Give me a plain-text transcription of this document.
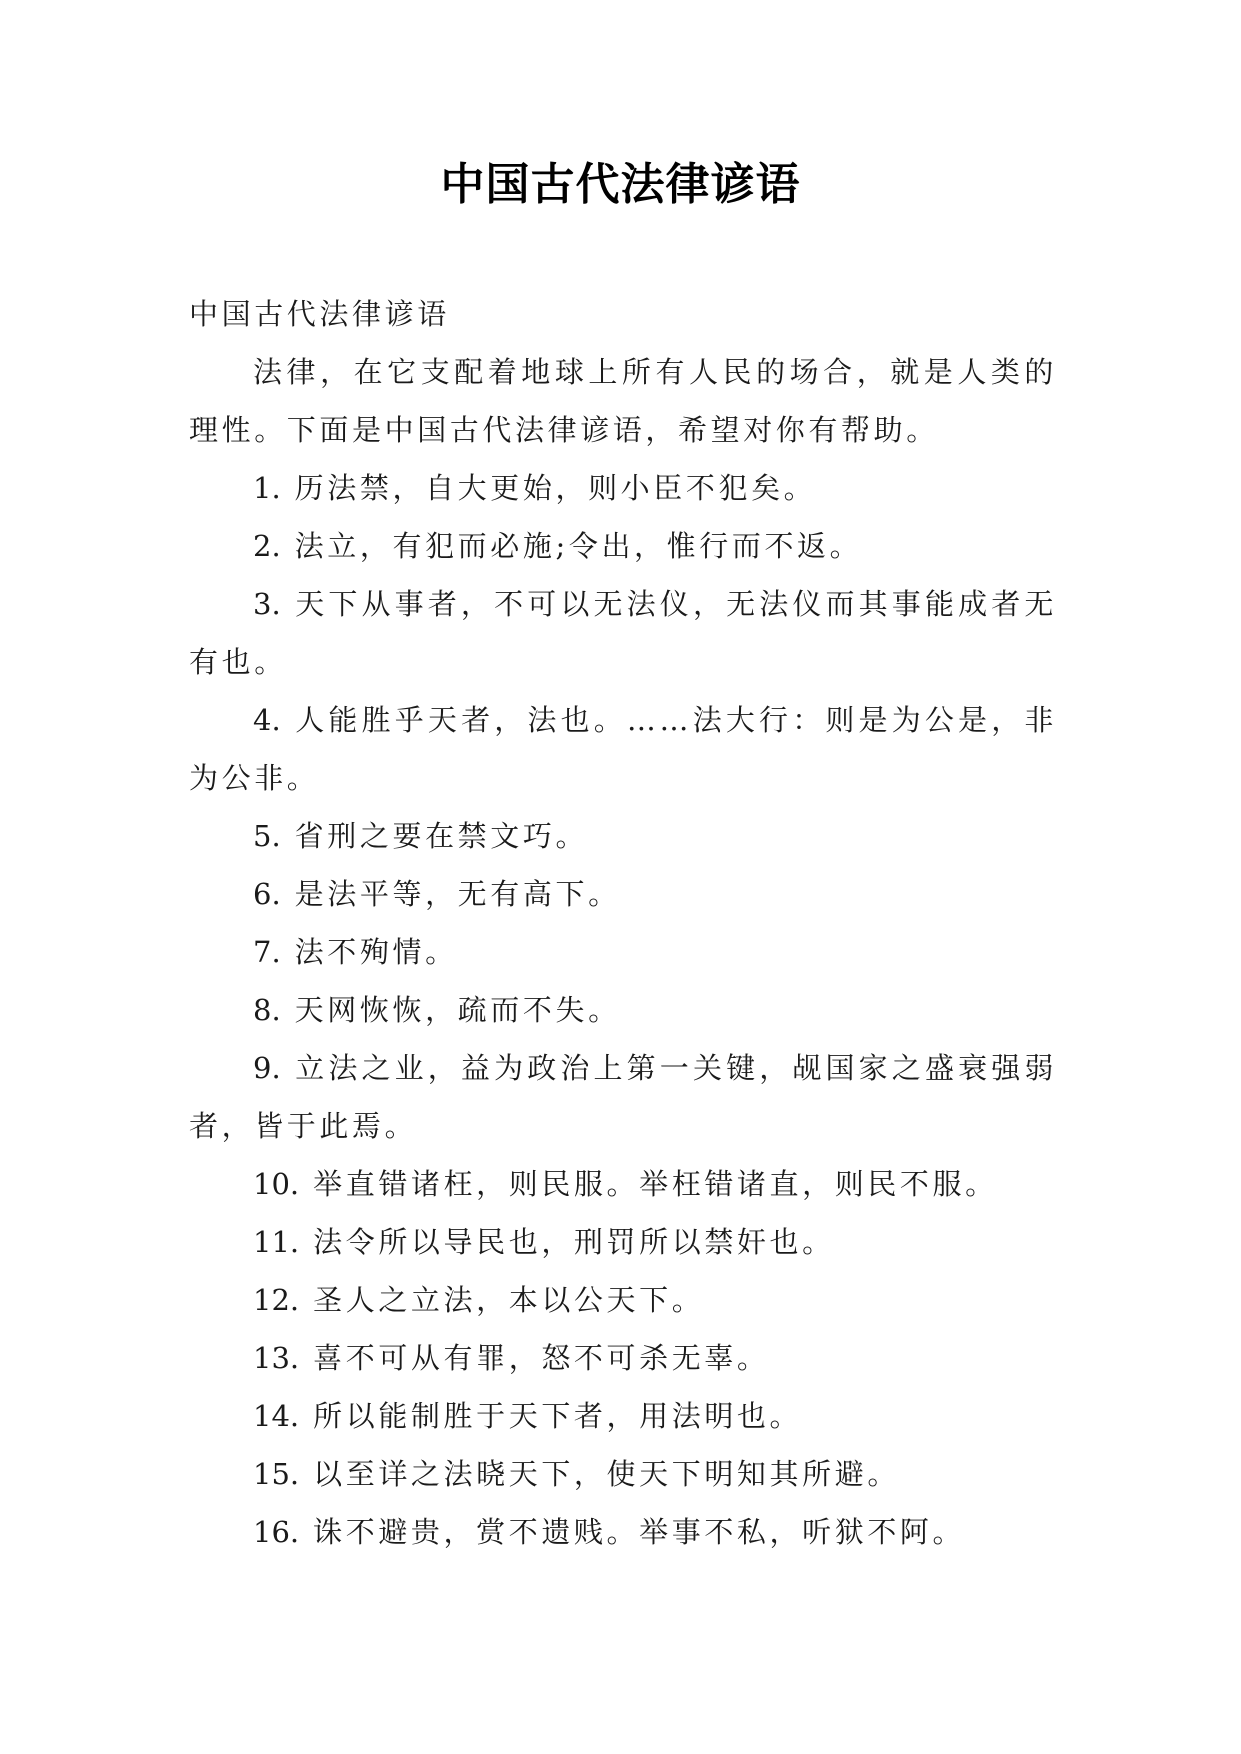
中国古代法律谚语

中国古代法律谚语

法律，在它支配着地球上所有人民的场合，就是人类的理性。下面是中国古代法律谚语，希望对你有帮助。

1. 历法禁，自大更始，则小臣不犯矣。

2. 法立，有犯而必施;令出，惟行而不返。

3. 天下从事者，不可以无法仪，无法仪而其事能成者无有也。

4. 人能胜乎天者，法也。……法大行：则是为公是，非为公非。

5. 省刑之要在禁文巧。

6. 是法平等，无有高下。

7. 法不殉情。

8. 天网恢恢，疏而不失。

9. 立法之业，益为政治上第一关键，觇国家之盛衰强弱者，皆于此焉。

10. 举直错诸枉，则民服。举枉错诸直，则民不服。

11. 法令所以导民也，刑罚所以禁奸也。

12. 圣人之立法，本以公天下。

13. 喜不可从有罪，怒不可杀无辜。

14. 所以能制胜于天下者，用法明也。

15. 以至详之法晓天下，使天下明知其所避。

16. 诛不避贵，赏不遗贱。举事不私，听狱不阿。
